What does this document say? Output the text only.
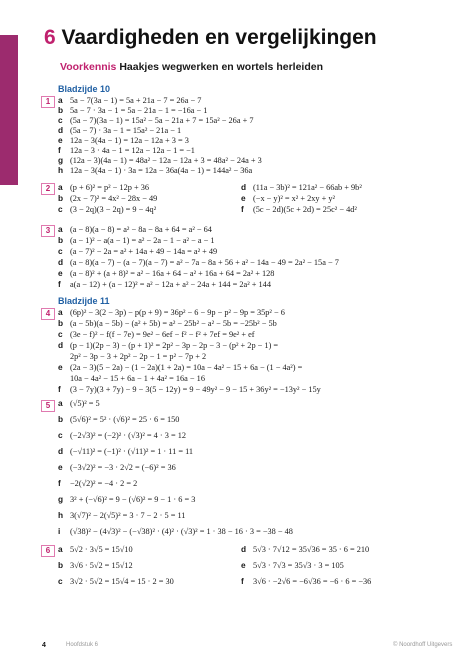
6 Vaardigheden en vergelijkingen
Voorkennis Haakjes wegwerken en wortels herleiden
Bladzijde 10
1 a 5a − 7(3a − 1) = 5a + 21a − 7 = 26a − 7
b 5a − 7 · 3a − 1 = 5a − 21a − 1 = −16a − 1
c (5a − 7)(3a − 1) = 15a² − 5a − 21a + 7 = 15a² − 26a + 7
d (5a − 7) · 3a − 1 = 15a² − 21a − 1
e 12a − 3(4a − 1) = 12a − 12a + 3 = 3
f 12a − 3 · 4a − 1 = 12a − 12a − 1 = −1
g (12a − 3)(4a − 1) = 48a² − 12a − 12a + 3 = 48a² − 24a + 3
h 12a − 3(4a − 1) · 3a = 12a − 36a(4a − 1) = 144a² − 36a
2 a (p + 6)² = p² − 12p + 36
b (2x − 7)² = 4x² − 28x − 49
c (3 − 2q)(3 − 2q) = 9 − 4q²
d (11a − 3b)² = 121a² − 66ab + 9b²
e (−x − y)² = x² + 2xy + y²
f (5c − 2d)(5c + 2d) = 25c² − 4d²
3 a (a − 8)(a − 8) = a² − 8a − 8a + 64 = a² − 64
b (a − 1)² − a(a − 1) = a² − 2a − 1 − a² − a − 1
c (a − 7)² − 2a = a² + 14a + 49 − 14a = a² + 49
d (a − 8)(a − 7) − (a − 7)(a − 7) = a² − 7a − 8a + 56 + a² − 14a − 49 = 2a² − 15a − 7
e (a − 8)² + (a + 8)² = a² − 16a + 64 − a² + 16a + 64 = 2a² + 128
f a(a − 12) + (a − 12)² = a² − 12a + a² − 24a + 144 = 2a² + 144
Bladzijde 11
4 a (6p)² − 3(2 − 3p) − p(p + 9) = 36p² − 6 − 9p − p² − 9p = 35p² − 6
b (a − 5b)(a − 5b) − (a² + 5b) = a² − 25b² − a² − 5b = −25b² − 5b
c (3e − f)² − f(f − 7e) = 9e² − 6ef − f² − f² + 7ef = 9e² + ef
d (p − 1)(2p − 3) − (p + 1)² = 2p² − 3p − 2p − 3 − (p² + 2p − 1) =
2p² − 3p − 3 + 2p² − 2p − 1 = p² − 7p + 2
e (2a − 3)(5 − 2a) − (1 − 2a)(1 + 2a) = 10a − 4a² − 15 + 6a − (1 − 4a²) =
10a − 4a² − 15 + 6a − 1 + 4a² = 16a − 16
f (3 − 7y)(3 + 7y) − 9 − 3(5 − 12y) = 9 − 49y² − 9 − 15 + 36y² = −13y² − 15y
5 a (√5)² = 5
b (5√6)² = 5² · (√6)² = 25 · 6 = 150
c (−2√3)² = (−2)² · (√3)² = 4 · 3 = 12
d (−√11)² = (−1)² · (√11)² = 1 · 11 = 11
e (−3√2)² = −3 · 2√2 = (−6)² = 36
f −2(√2)² = −4 · 2 = 2
g 3² + (−√6)² = 9 − (√6)² = 9 − 1 · 6 = 3
h 3(√7)² − 2(√5)² = 3 · 7 − 2 · 5 = 11
i (√38)² − (4√3)² − (−√38)² · (4)² · (√3)² = 1 · 38 − 16 · 3 = −38 − 48
6 a 5√2 · 3√5 = 15√10
b 3√6 · 5√2 = 15√12
c 3√2 · 5√2 = 15√4 = 15 · 2 = 30
d 5√3 · 7√12 = 35√36 = 35 · 6 = 210
e 5√3 · 7√3 = 35√3 · 3 = 105
f 3√6 · −2√6 = −6√36 = −6 · 6 = −36
4	Hoofdstuk 6	© Noordhoff Uitgevers
